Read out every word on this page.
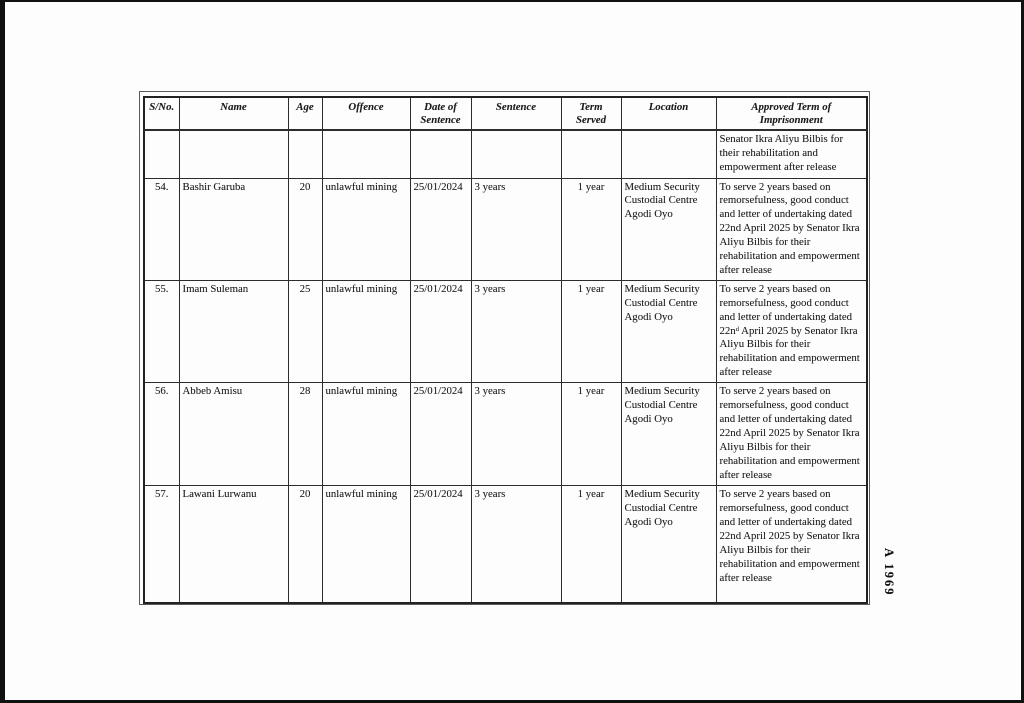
S/No.	Name	Age	Offence	Date of Sentence	Sentence	Term Served	Location	Approved Term of Imprisonment
								Senator Ikra Aliyu Bilbis for their rehabilitation and empowerment after release
54.	Bashir Garuba	20	unlawful mining	25/01/2024	3 years	1 year	Medium Security Custodial Centre Agodi Oyo	To serve 2 years based on remorsefulness, good conduct and letter of undertaking dated 22nd April 2025 by Senator Ikra Aliyu Bilbis for their rehabilitation and empowerment after release
55.	Imam Suleman	25	unlawful mining	25/01/2024	3 years	1 year	Medium Security Custodial Centre Agodi Oyo	To serve 2 years based on remorsefulness, good conduct and letter of undertaking dated 22nᵈ April 2025 by Senator Ikra Aliyu Bilbis for their rehabilitation and empowerment after release
56.	Abbeb Amisu	28	unlawful mining	25/01/2024	3 years	1 year	Medium Security Custodial Centre Agodi Oyo	To serve 2 years based on remorsefulness, good conduct and letter of undertaking dated 22nd April 2025 by Senator Ikra Aliyu Bilbis for their rehabilitation and empowerment after release
57.	Lawani Lurwanu	20	unlawful mining	25/01/2024	3 years	1 year	Medium Security Custodial Centre Agodi Oyo	To serve 2 years based on remorsefulness, good conduct and letter of undertaking dated 22nd April 2025 by Senator Ikra Aliyu Bilbis for their rehabilitation and empowerment after release	A 1969
